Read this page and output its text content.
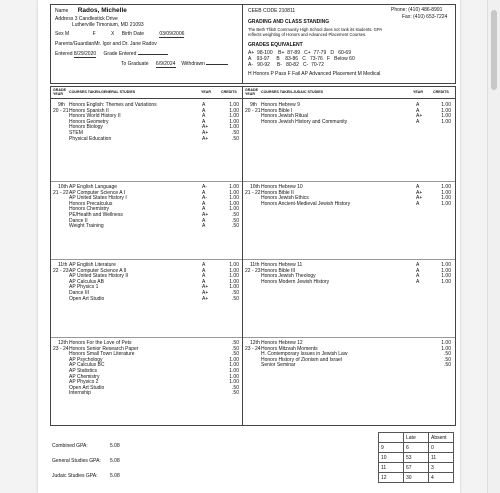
Name Rados, Michelle
Address 3 Candlestick Drive
Lutherville Timonium, MD 21093
Sex M	F	X Birth Date	03/09/2006
Parents/GuardianMr. Igor and Dr. Jane Radov
Entered 8/29/2020 Grade Entered
To Graduate 6/9/2024 Withdrawn
CEEB CODE 210811	Phone: (410) 486-8991
Fax: (410) 653-7224
GRADING AND CLASS STANDING
The Beth Tfiloh Community High School does not rank its students. GPA
reflects weighting of Honors and Advanced Placement Courses.
GRADES EQUIVALENT
A+  98-100    B+  87-89   C+  77-79   D   60-69
A    93-97     B    83-86   C   73-76   F   Below 60
A-   90-92     B-   80-82   C-  70-72
H Honors P Pass F Fail AP Advanced Placement M Medical
GRADE YEAR	COURSES TAKEN-GENERAL STUDIES	YEAR	CREDITS GRADE YEAR	COURSES TAKEN-JUDAIC STUDIES	YEAR	CREDITS
9th Honors English: Themes and Variations	A	1.00
20 - 21 Honors Spanish II	A	1.00
Honors World History II	A	1.00
Honors Geometry	A	1.00
Honors Biology	A+	1.00
STEM	A+	.50
Physical Education	A+	.50
10th AP English Language	A-	1.00
21 - 22 AP Computer Science A I	A	1.00
AP United States History I	A-	1.00
Honors Precalculus	A	1.00
Honors Chemistry	A	1.00
PE/Health and Wellness	A+	.50
Dance II	A	.50
Weight Training	A	.50
11th AP English Literature	A	1.00
22 - 23 AP Computer Science A II	A	1.00
AP United States History II	A	1.00
AP Calculus AB	A	1.00
AP Physics 1	A+	1.00
Dance III	A+	.50
Open Art Studio	A+	.50
12th Honors For the Love of Pets	.50
23 - 24 Honors Senior Research Paper	.50
Honors Small Town Literature	.50
AP Psychology	1.00
AP Calculus BC	1.00
AP Statistics	1.00
AP Chemistry	1.00
AP Physics 2	1.00
Open Art Studio	.50
Internship	.50
9th Honors Hebrew 9	A	1.00
20 - 21 Honors Bible I	A	1.00
Honors Jewish Ritual	A+	1.00
Honors Jewish History and Community	A	1.00
10th Honors Hebrew 10	A	1.00
21 - 22 Honors Bible II	A+	1.00
Honors Jewish Ethics	A+	1.00
Honors Ancient-Medieval Jewish History	A	1.00
11th Honors Hebrew 11	A	1.00
22 - 23 Honors Bible III	A	1.00
Honors Jewish Theology	A	1.00
Honors Modern Jewish History	A	1.00
12th Honors Hebrew 12	1.00
23 - 24 Honors Mitzvah Moments	1.00
H. Contemporary Issues in Jewish Law	.50
Honors History of Zionism and Israel	.50
Senior Seminar	.50
Combined GPA:	5.08
General Studies GPA: 5.08
Judaic Studies GPA:	5.08
	Late	Absent
9	6	0
10	53	11
11	67	3
12	30	4
